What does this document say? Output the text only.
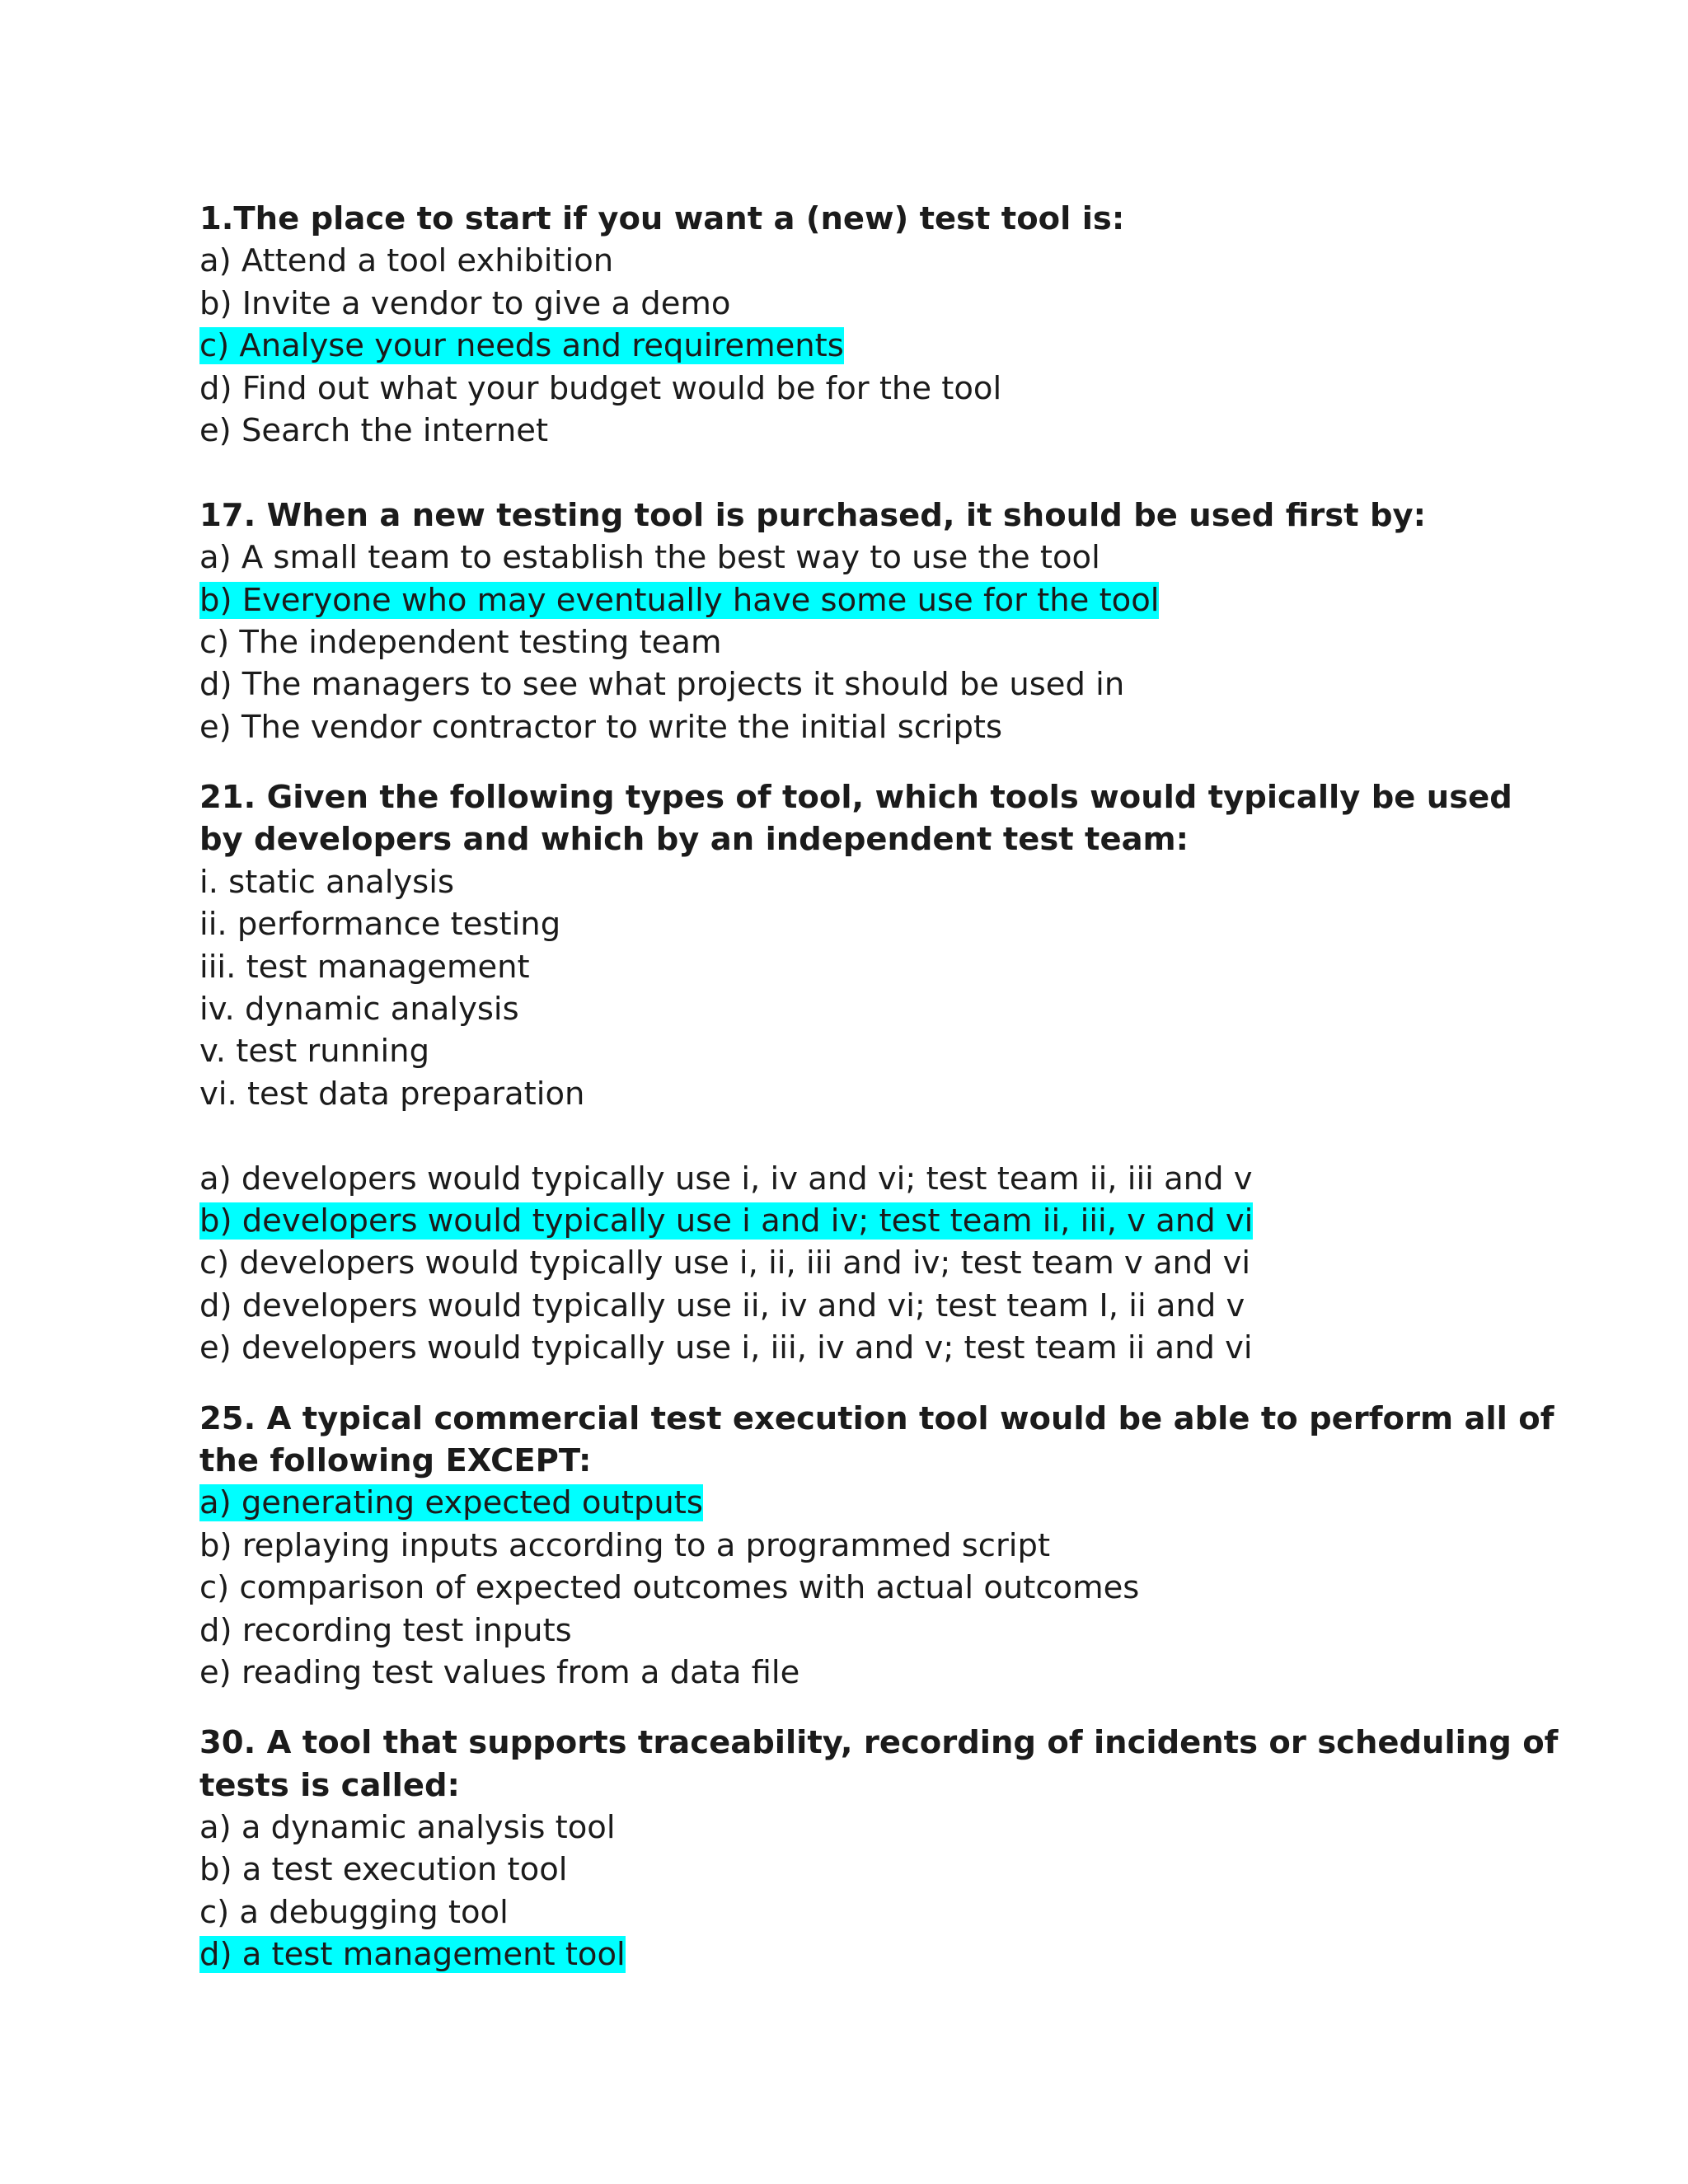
1.The place to start if you want a (new) test tool is:
a) Attend a tool exhibition
b) Invite a vendor to give a demo
c) Analyse your needs and requirements
d) Find out what your budget would be for the tool
e) Search the internet
17. When a new testing tool is purchased, it should be used first by:
a) A small team to establish the best way to use the tool
b) Everyone who may eventually have some use for the tool
c) The independent testing team
d) The managers to see what projects it should be used in
e) The vendor contractor to write the initial scripts
21. Given the following types of tool, which tools would typically be used
by developers and which by an independent test team:
i. static analysis
ii. performance testing
iii. test management
iv. dynamic analysis
v. test running
vi. test data preparation
a) developers would typically use i, iv and vi; test team ii, iii and v
b) developers would typically use i and iv; test team ii, iii, v and vi
c) developers would typically use i, ii, iii and iv; test team v and vi
d) developers would typically use ii, iv and vi; test team I, ii and v
e) developers would typically use i, iii, iv and v; test team ii and vi
25. A typical commercial test execution tool would be able to perform all of
the following EXCEPT:
a) generating expected outputs
b) replaying inputs according to a programmed script
c) comparison of expected outcomes with actual outcomes
d) recording test inputs
e) reading test values from a data file
30. A tool that supports traceability, recording of incidents or scheduling of
tests is called:
a) a dynamic analysis tool
b) a test execution tool
c) a debugging tool
d) a test management tool
